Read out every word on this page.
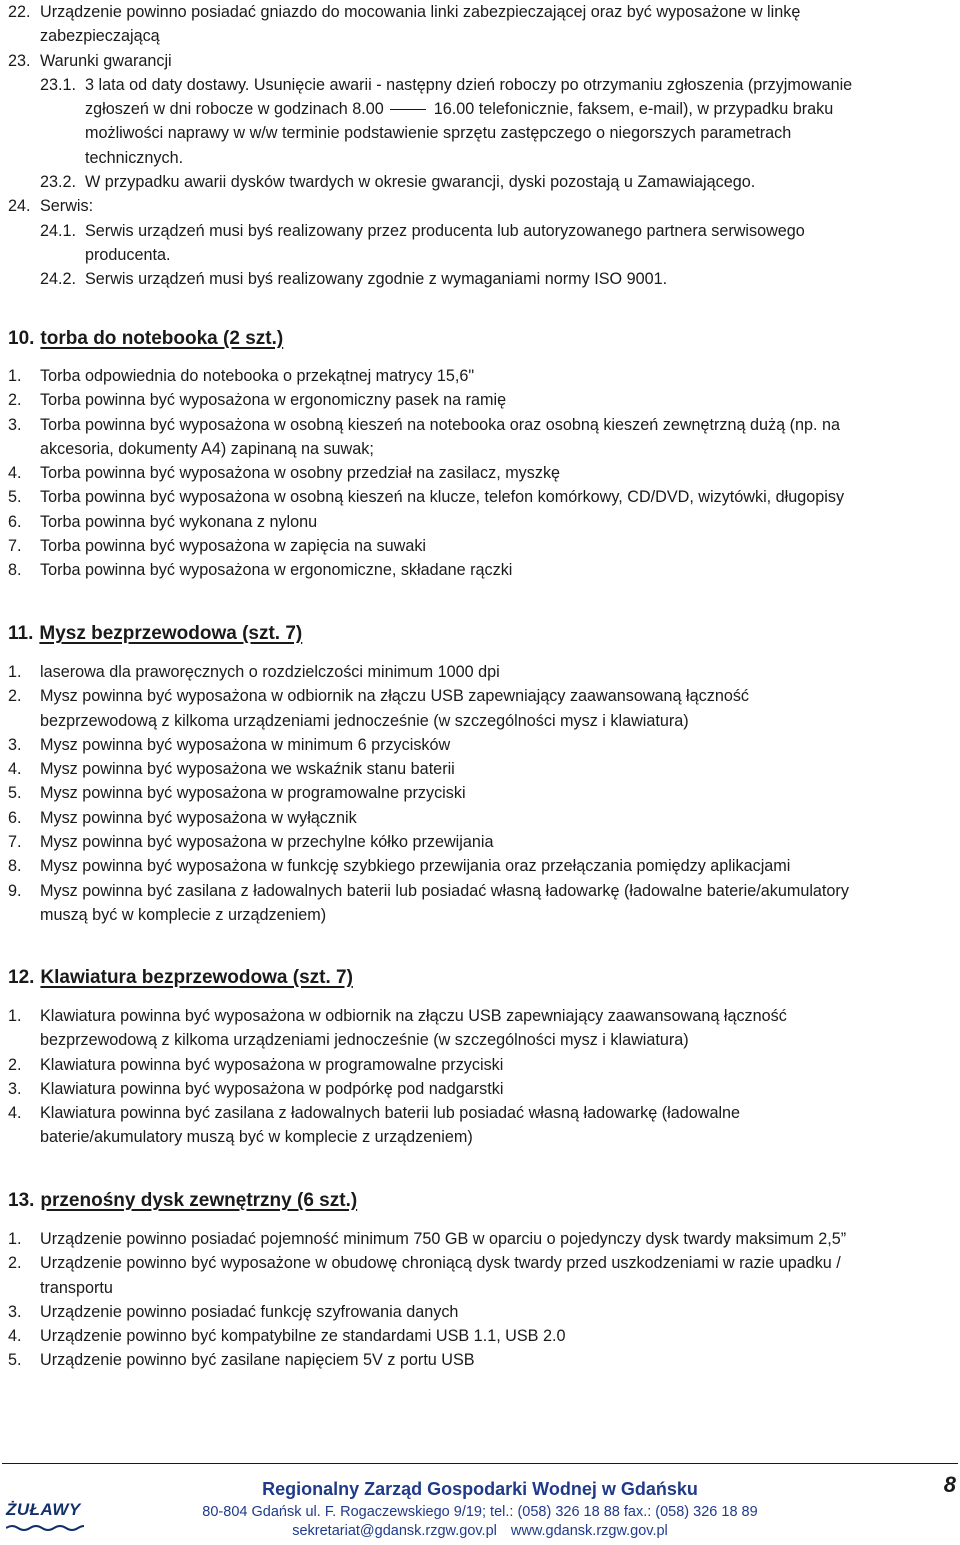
22. Urządzenie powinno posiadać gniazdo do mocowania linki zabezpieczającej oraz być wyposażone w linkę
zabezpieczającą
23. Warunki gwarancji
23.1. 3 lata od daty dostawy. Usunięcie awarii - następny dzień roboczy po otrzymaniu zgłoszenia (przyjmowanie
zgłoszeń w dni robocze w godzinach 8.00	16.00 telefonicznie, faksem, e-mail), w przypadku braku
możliwości naprawy w w/w terminie podstawienie sprzętu zastępczego o niegorszych parametrach
technicznych.
23.2. W przypadku awarii dysków twardych w okresie gwarancji, dyski pozostają u Zamawiającego.
24. Serwis:
24.1. Serwis urządzeń musi byś realizowany przez producenta lub autoryzowanego partnera serwisowego
producenta.
24.2. Serwis urządzeń musi byś realizowany zgodnie z wymaganiami normy ISO 9001.
10. torba do notebooka (2 szt.)
1. Torba odpowiednia do notebooka o przekątnej matrycy 15,6"
2. Torba powinna być wyposażona w ergonomiczny pasek na ramię
3. Torba powinna być wyposażona w osobną kieszeń na notebooka oraz osobną kieszeń zewnętrzną dużą (np. na
akcesoria, dokumenty A4) zapinaną na suwak;
4. Torba powinna być wyposażona w osobny przedział na zasilacz, myszkę
5. Torba powinna być wyposażona w osobną kieszeń na klucze, telefon komórkowy, CD/DVD, wizytówki, długopisy
6. Torba powinna być wykonana z nylonu
7. Torba powinna być wyposażona w zapięcia na suwaki
8. Torba powinna być wyposażona w ergonomiczne, składane rączki
11. Mysz bezprzewodowa (szt. 7)
1. laserowa dla praworęcznych o rozdzielczości minimum 1000 dpi
2. Mysz powinna być wyposażona w odbiornik na złączu USB zapewniający zaawansowaną łączność
bezprzewodową z kilkoma urządzeniami jednocześnie (w szczególności mysz i klawiatura)
3. Mysz powinna być wyposażona w minimum 6 przycisków
4. Mysz powinna być wyposażona we wskaźnik stanu baterii
5. Mysz powinna być wyposażona w programowalne przyciski
6. Mysz powinna być wyposażona w wyłącznik
7. Mysz powinna być wyposażona w przechylne kółko przewijania
8. Mysz powinna być wyposażona w funkcję szybkiego przewijania oraz przełączania pomiędzy aplikacjami
9. Mysz powinna być zasilana z ładowalnych baterii lub posiadać własną ładowarkę (ładowalne baterie/akumulatory
muszą być w komplecie z urządzeniem)
12. Klawiatura bezprzewodowa (szt. 7)
1. Klawiatura powinna być wyposażona w odbiornik na złączu USB zapewniający zaawansowaną łączność
bezprzewodową z kilkoma urządzeniami jednocześnie (w szczególności mysz i klawiatura)
2. Klawiatura powinna być wyposażona w programowalne przyciski
3. Klawiatura powinna być wyposażona w podpórkę pod nadgarstki
4. Klawiatura powinna być zasilana z ładowalnych baterii lub posiadać własną ładowarkę (ładowalne
baterie/akumulatory muszą być w komplecie z urządzeniem)
13. przenośny dysk zewnętrzny (6 szt.)
1. Urządzenie powinno posiadać pojemność minimum 750 GB w oparciu o pojedynczy dysk twardy maksimum 2,5”
2. Urządzenie powinno być wyposażone w obudowę chroniącą dysk twardy przed uszkodzeniami w razie upadku /
transportu
3. Urządzenie powinno posiadać funkcję szyfrowania danych
4. Urządzenie powinno być kompatybilne ze standardami USB 1.1, USB 2.0
5. Urządzenie powinno być zasilane napięciem 5V z portu USB
ŻUŁAWY
Regionalny Zarząd Gospodarki Wodnej w Gdańsku
80-804 Gdańsk ul. F. Rogaczewskiego 9/19; tel.: (058) 326 18 88 fax.: (058) 326 18 89
sekretariat@gdansk.rzgw.gov.pl www.gdansk.rzgw.gov.pl
8
